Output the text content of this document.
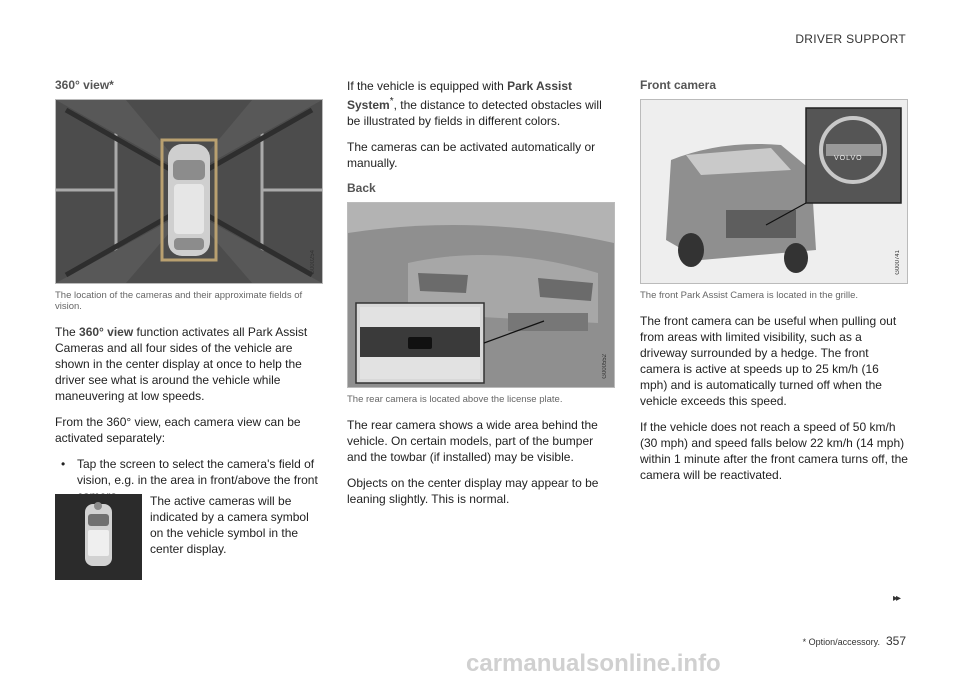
DRIVER SUPPORT
360° view*
G000254
The location of the cameras and their approximate fields of vision.

The 360° view function activates all Park Assist Cameras and all four sides of the vehicle are shown in the center display at once to help the driver see what is around the vehicle while maneuvering at low speeds.

From the 360° view, each camera view can be activated separately:

• Tap the screen to select the camera's field of vision, e.g. in the area in front/above the front
The active cameras will be indicated by a camera symbol on the vehicle symbol in the center display.

If the vehicle is equipped with Park Assist System*, the distance to detected obstacles will be illustrated by fields in different colors.

The cameras can be activated automatically or manually.

Back
G000552
The rear camera is located above the license plate.

The rear camera shows a wide area behind the vehicle. On certain models, part of the bumper and the towbar (if installed) may be visible.

Objects on the center display may appear to be leaning slightly. This is normal.

Front camera
VOLVO
G000741
The front Park Assist Camera is located in the grille.

The front camera can be useful when pulling out from areas with limited visibility, such as a driveway surrounded by a hedge. The front camera is active at speeds up to 25 km/h (16 mph) and is automatically turned off when the vehicle exceeds this speed.

If the vehicle does not reach a speed of 50 km/h (30 mph) and speed falls below 22 km/h (14 mph) within 1 minute after the front camera turns off, the camera will be reactivated.

▸▸
* Option/accessory. 357
carmanualsonline.info
